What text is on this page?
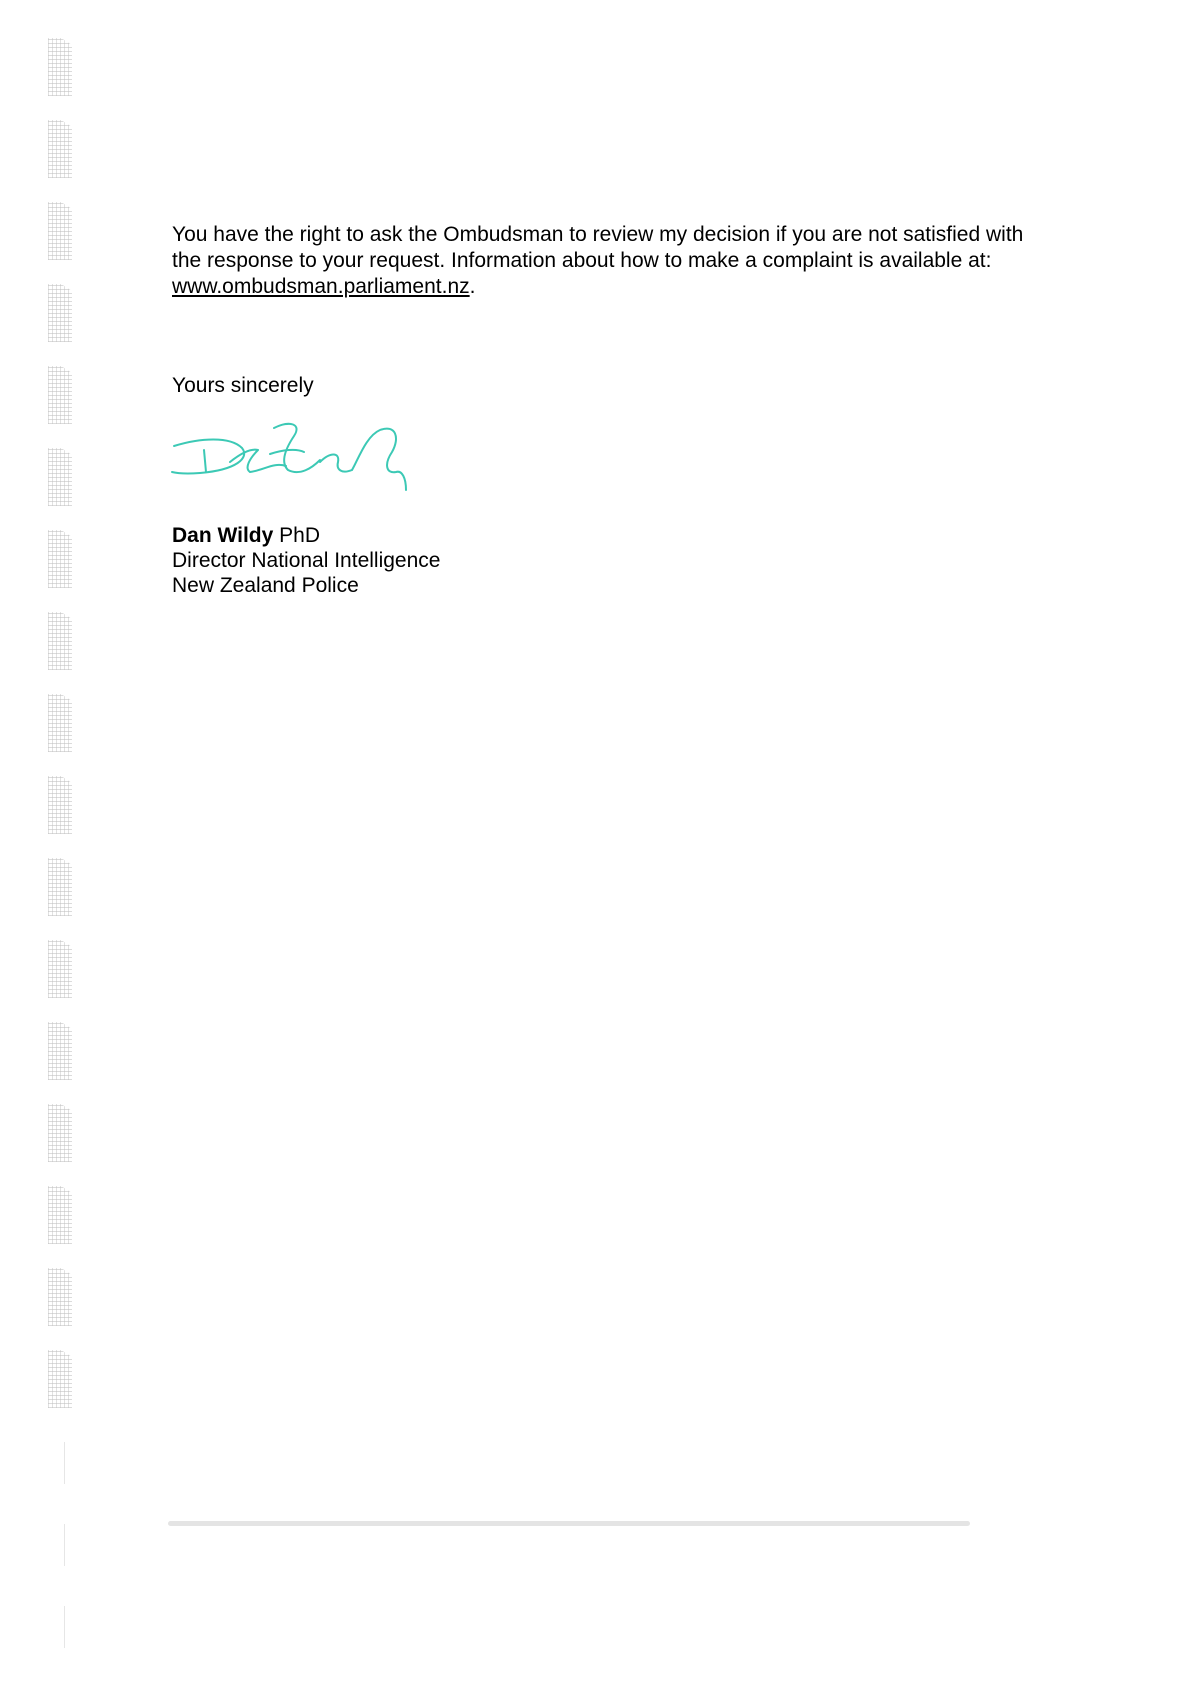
You have the right to ask the Ombudsman to review my decision if you are not satisfied with the response to your request. Information about how to make a complaint is available at: www.ombudsman.parliament.nz.

Yours sincerely

Dan Wildy PhD
Director National Intelligence
New Zealand Police
